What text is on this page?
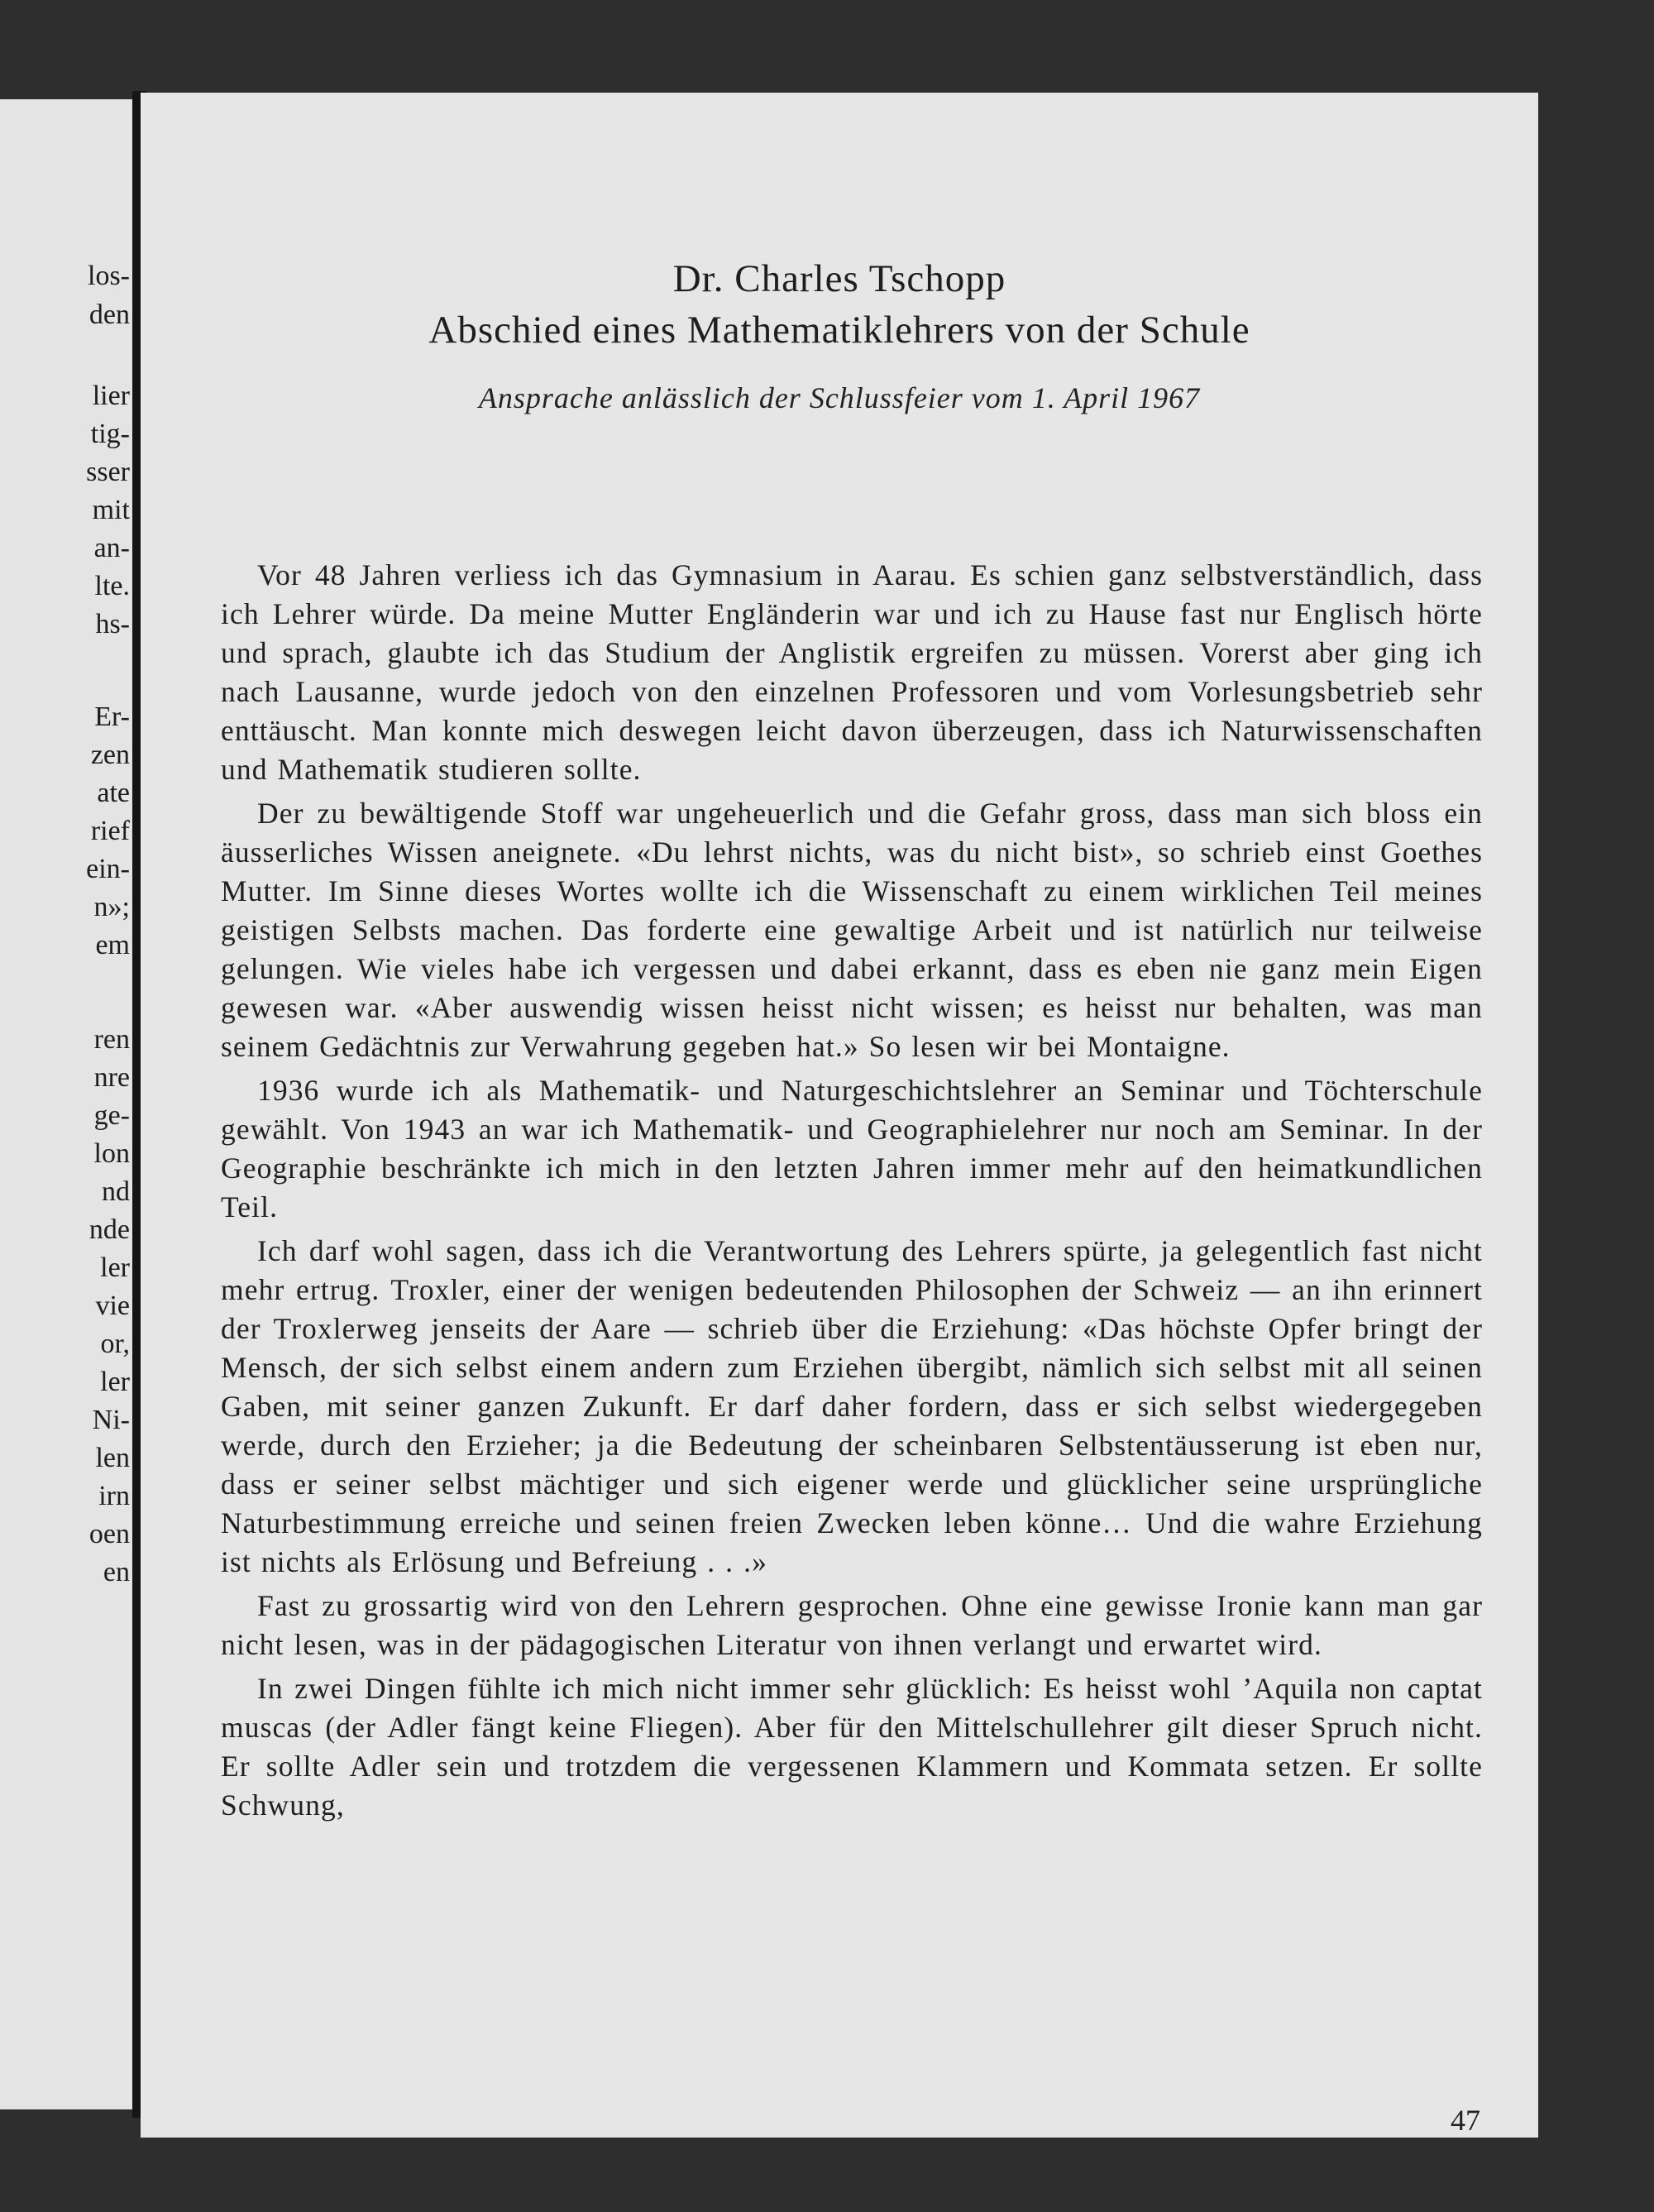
los-
den
lier
tig-
sser
mit
an-
lte.
hs-
Er-
zen
ate
rief
ein-
n»;
em
ren
nre
ge-
lon
nd
nde
ler
vie
or,
ler
Ni-
len
irn
oen
en
Dr. Charles Tschopp
Abschied eines Mathematiklehrers von der Schule
Ansprache anlässlich der Schlussfeier vom 1. April 1967

Vor 48 Jahren verliess ich das Gymnasium in Aarau. Es schien ganz selbstverständlich, dass ich Lehrer würde. Da meine Mutter Engländerin war und ich zu Hause fast nur Englisch hörte und sprach, glaubte ich das Studium der Anglistik ergreifen zu müssen. Vorerst aber ging ich nach Lausanne, wurde jedoch von den einzelnen Professoren und vom Vorlesungsbetrieb sehr enttäuscht. Man konnte mich deswegen leicht davon überzeugen, dass ich Naturwissenschaften und Mathematik studieren sollte.

Der zu bewältigende Stoff war ungeheuerlich und die Gefahr gross, dass man sich bloss ein äusserliches Wissen aneignete. «Du lehrst nichts, was du nicht bist», so schrieb einst Goethes Mutter. Im Sinne dieses Wortes wollte ich die Wissenschaft zu einem wirklichen Teil meines geistigen Selbsts machen. Das forderte eine gewaltige Arbeit und ist natürlich nur teilweise gelungen. Wie vieles habe ich vergessen und dabei erkannt, dass es eben nie ganz mein Eigen gewesen war. «Aber auswendig wissen heisst nicht wissen; es heisst nur behalten, was man seinem Gedächtnis zur Verwahrung gegeben hat.» So lesen wir bei Montaigne.

1936 wurde ich als Mathematik- und Naturgeschichtslehrer an Seminar und Töchterschule gewählt. Von 1943 an war ich Mathematik- und Geographielehrer nur noch am Seminar. In der Geographie beschränkte ich mich in den letzten Jahren immer mehr auf den heimatkundlichen Teil.

Ich darf wohl sagen, dass ich die Verantwortung des Lehrers spürte, ja gelegentlich fast nicht mehr ertrug. Troxler, einer der wenigen bedeutenden Philosophen der Schweiz — an ihn erinnert der Troxlerweg jenseits der Aare — schrieb über die Erziehung: «Das höchste Opfer bringt der Mensch, der sich selbst einem andern zum Erziehen übergibt, nämlich sich selbst mit all seinen Gaben, mit seiner ganzen Zukunft. Er darf daher fordern, dass er sich selbst wiedergegeben werde, durch den Erzieher; ja die Bedeutung der scheinbaren Selbstentäusserung ist eben nur, dass er seiner selbst mächtiger und sich eigener werde und glücklicher seine ursprüngliche Naturbestimmung erreiche und seinen freien Zwecken leben könne… Und die wahre Erziehung ist nichts als Erlösung und Befreiung . . .»

Fast zu grossartig wird von den Lehrern gesprochen. Ohne eine gewisse Ironie kann man gar nicht lesen, was in der pädagogischen Literatur von ihnen verlangt und erwartet wird.

In zwei Dingen fühlte ich mich nicht immer sehr glücklich: Es heisst wohl ’Aquila non captat muscas (der Adler fängt keine Fliegen). Aber für den Mittelschullehrer gilt dieser Spruch nicht. Er sollte Adler sein und trotzdem die vergessenen Klammern und Kommata setzen. Er sollte Schwung,

47
